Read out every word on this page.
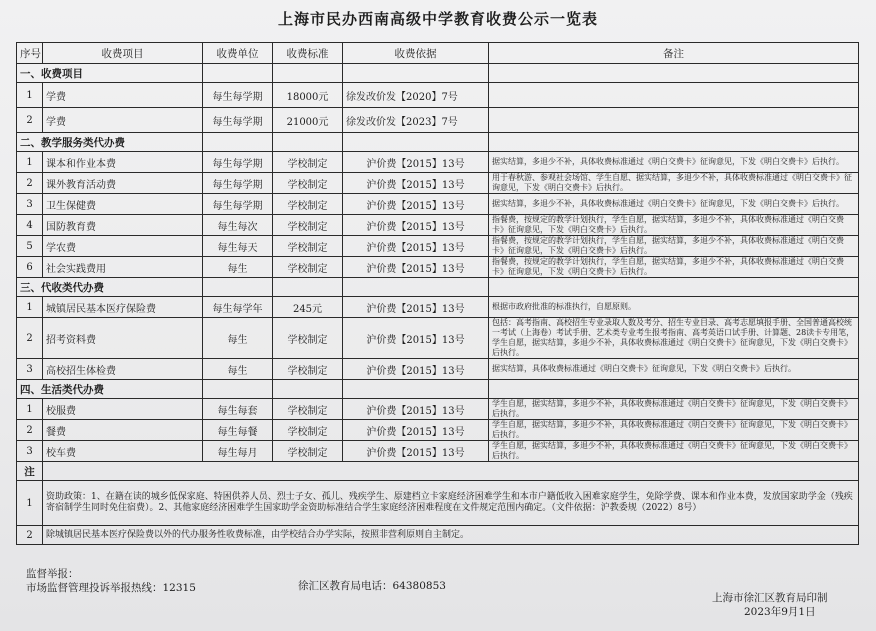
上海市民办西南高级中学教育收费公示一览表
序号	收费项目	收费单位	收费标准	收费依据	备注
一、收费项目					
1	学费	每生每学期	18000元	徐发改价发【2020】7号	
2	学费	每生每学期	21000元	徐发改价发【2023】7号	
二、教学服务类代办费					
1	课本和作业本费	每生每学期	学校制定	沪价费【2015】13号	据实结算，多退少不补，具体收费标准通过《明白交费卡》征询意见，下发《明白交费卡》后执行。
2	课外教育活动费	每生每学期	学校制定	沪价费【2015】13号	用于春秋游、参观社会场馆、学生自愿、据实结算，多退少不补，具体收费标准通过《明白交费卡》征询意见，下发《明白交费卡》后执行。
3	卫生保健费	每生每学期	学校制定	沪价费【2015】13号	据实结算，多退少不补，具体收费标准通过《明白交费卡》征询意见，下发《明白交费卡》后执行。
4	国防教育费	每生每次	学校制定	沪价费【2015】13号	指餐费，按规定的教学计划执行，学生自愿，据实结算，多退少不补，具体收费标准通过《明白交费卡》征询意见，下发《明白交费卡》后执行。
5	学农费	每生每天	学校制定	沪价费【2015】13号	指餐费，按规定的教学计划执行，学生自愿，据实结算，多退少不补，具体收费标准通过《明白交费卡》征询意见，下发《明白交费卡》后执行。
6	社会实践费用	每生	学校制定	沪价费【2015】13号	指餐费，按规定的教学计划执行，学生自愿，据实结算，多退少不补，具体收费标准通过《明白交费卡》征询意见，下发《明白交费卡》后执行。
三、代收类代办费					
1	城镇居民基本医疗保险费	每生每学年	245元	沪价费【2015】13号	根据市政府批准的标准执行，自愿原则。
2	招考资料费	每生	学校制定	沪价费【2015】13号	包括：高考指南、高校招生专业录取人数及考分、招生专业目录、高考志愿填报手册、全国普通高校统一考试（上海卷）考试手册、艺术类专业考生报考指南、高考英语口试手册、计算题、28读卡专用笔，学生自愿，据实结算，多退少不补，具体收费标准通过《明白交费卡》征询意见，下发《明白交费卡》后执行。
3	高校招生体检费	每生	学校制定	沪价费【2015】13号	据实结算，具体收费标准通过《明白交费卡》征询意见，下发《明白交费卡》后执行。
四、生活类代办费					
1	校服费	每生每套	学校制定	沪价费【2015】13号	学生自愿，据实结算，多退少不补，具体收费标准通过《明白交费卡》征询意见，下发《明白交费卡》后执行。
2	餐费	每生每餐	学校制定	沪价费【2015】13号	学生自愿，据实结算，多退少不补，具体收费标准通过《明白交费卡》征询意见，下发《明白交费卡》后执行。
3	校车费	每生每月	学校制定	沪价费【2015】13号	学生自愿，据实结算，多退少不补，具体收费标准通过《明白交费卡》征询意见，下发《明白交费卡》后执行。
注					
1	资助政策：1、在籍在读的城乡低保家庭、特困供养人员、烈士子女、孤儿、残疾学生、原建档立卡家庭经济困难学生和本市户籍低收入困难家庭学生，免除学费、课本和作业本费，发放国家助学金（残疾寄宿制学生同时免住宿费）。2、其他家庭经济困难学生国家助学金资助标准结合学生家庭经济困难程度在文件规定范围内确定。（文件依据：沪教委规（2022）8号）				
2	除城镇居民基本医疗保险费以外的代办服务性收费标准，由学校结合办学实际，按照非营利原则自主制定。				
监督举报：
市场监督管理投诉举报热线：12315	徐汇区教育局电话：64380853
上海市徐汇区教育局印制
2023年9月1日
